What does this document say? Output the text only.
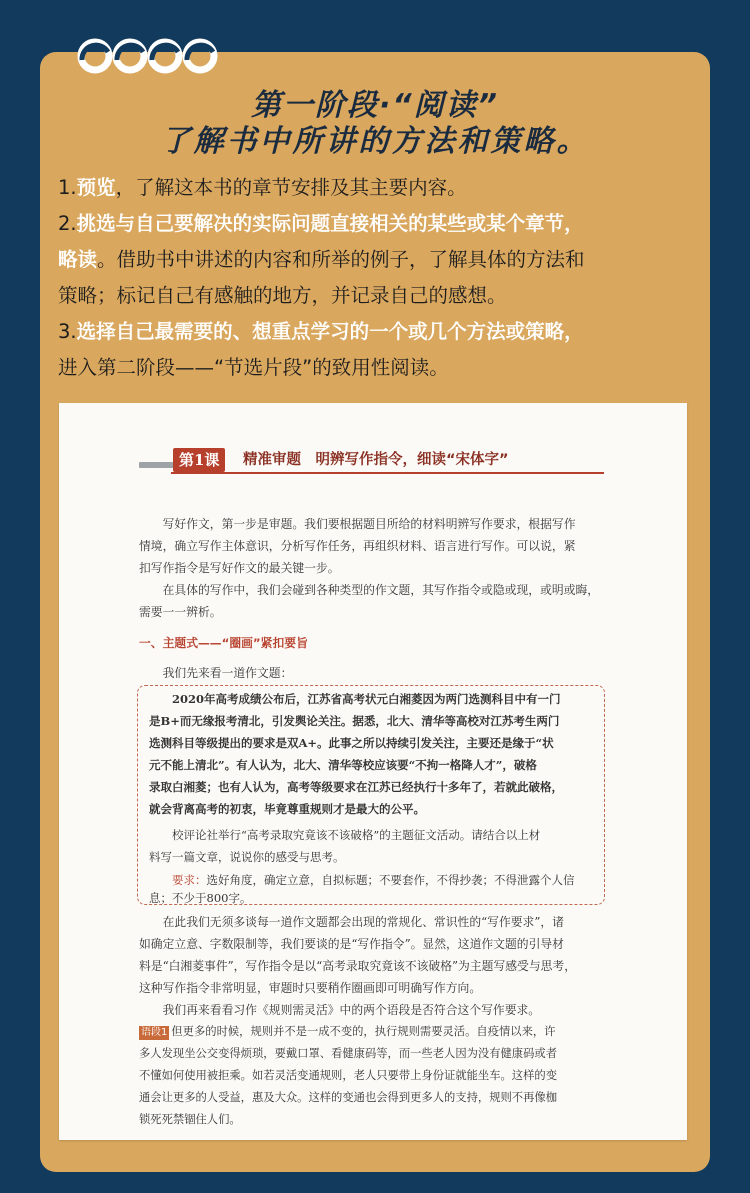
第一阶段·“阅读”
了解书中所讲的方法和策略。
1.预览，了解这本书的章节安排及其主要内容。
2.挑选与自己要解决的实际问题直接相关的某些或某个章节，
略读。借助书中讲述的内容和所举的例子，了解具体的方法和
策略；标记自己有感触的地方，并记录自己的感想。
3.选择自己最需要的、想重点学习的一个或几个方法或策略，
进入第二阶段——“节选片段”的致用性阅读。
第1课	精准审题　明辨写作指令，细读“宋体字”
　　写好作文，第一步是审题。我们要根据题目所给的材料明辨写作要求，根据写作
情境，确立写作主体意识，分析写作任务，再组织材料、语言进行写作。可以说，紧
扣写作指令是写好作文的最关键一步。
　　在具体的写作中，我们会碰到各种类型的作文题，其写作指令或隐或现，或明或晦，
需要一一辨析。
一、主题式——“圈画”紧扣要旨
　　我们先来看一道作文题：
　　2020年高考成绩公布后，江苏省高考状元白湘菱因为两门选测科目中有一门
是B+而无缘报考清北，引发舆论关注。据悉，北大、清华等高校对江苏考生两门
选测科目等级提出的要求是双A+。此事之所以持续引发关注，主要还是缘于“状
元不能上清北”。有人认为，北大、清华等校应该要“不拘一格降人才”，破格
录取白湘菱；也有人认为，高考等级要求在江苏已经执行十多年了，若就此破格，
就会背离高考的初衷，毕竟尊重规则才是最大的公平。
　　校评论社举行“高考录取究竟该不该破格”的主题征文活动。请结合以上材
料写一篇文章，说说你的感受与思考。
　　要求：选好角度，确定立意，自拟标题；不要套作，不得抄袭；不得泄露个人信
息；不少于800字。
　　在此我们无须多谈每一道作文题都会出现的常规化、常识性的“写作要求”，诸
如确定立意、字数限制等，我们要谈的是“写作指令”。显然，这道作文题的引导材
料是“白湘菱事件”，写作指令是以“高考录取究竟该不该破格”为主题写感受与思考，
这种写作指令非常明显，审题时只要稍作圈画即可明确写作方向。
　　我们再来看看习作《规则需灵活》中的两个语段是否符合这个写作要求。
语段1 但更多的时候，规则并不是一成不变的，执行规则需要灵活。自疫情以来，许
多人发现坐公交变得烦琐，要戴口罩、看健康码等，而一些老人因为没有健康码或者
不懂如何使用被拒乘。如若灵活变通规则，老人只要带上身份证就能坐车。这样的变
通会让更多的人受益，惠及大众。这样的变通也会得到更多人的支持，规则不再像枷
锁死死禁锢住人们。
